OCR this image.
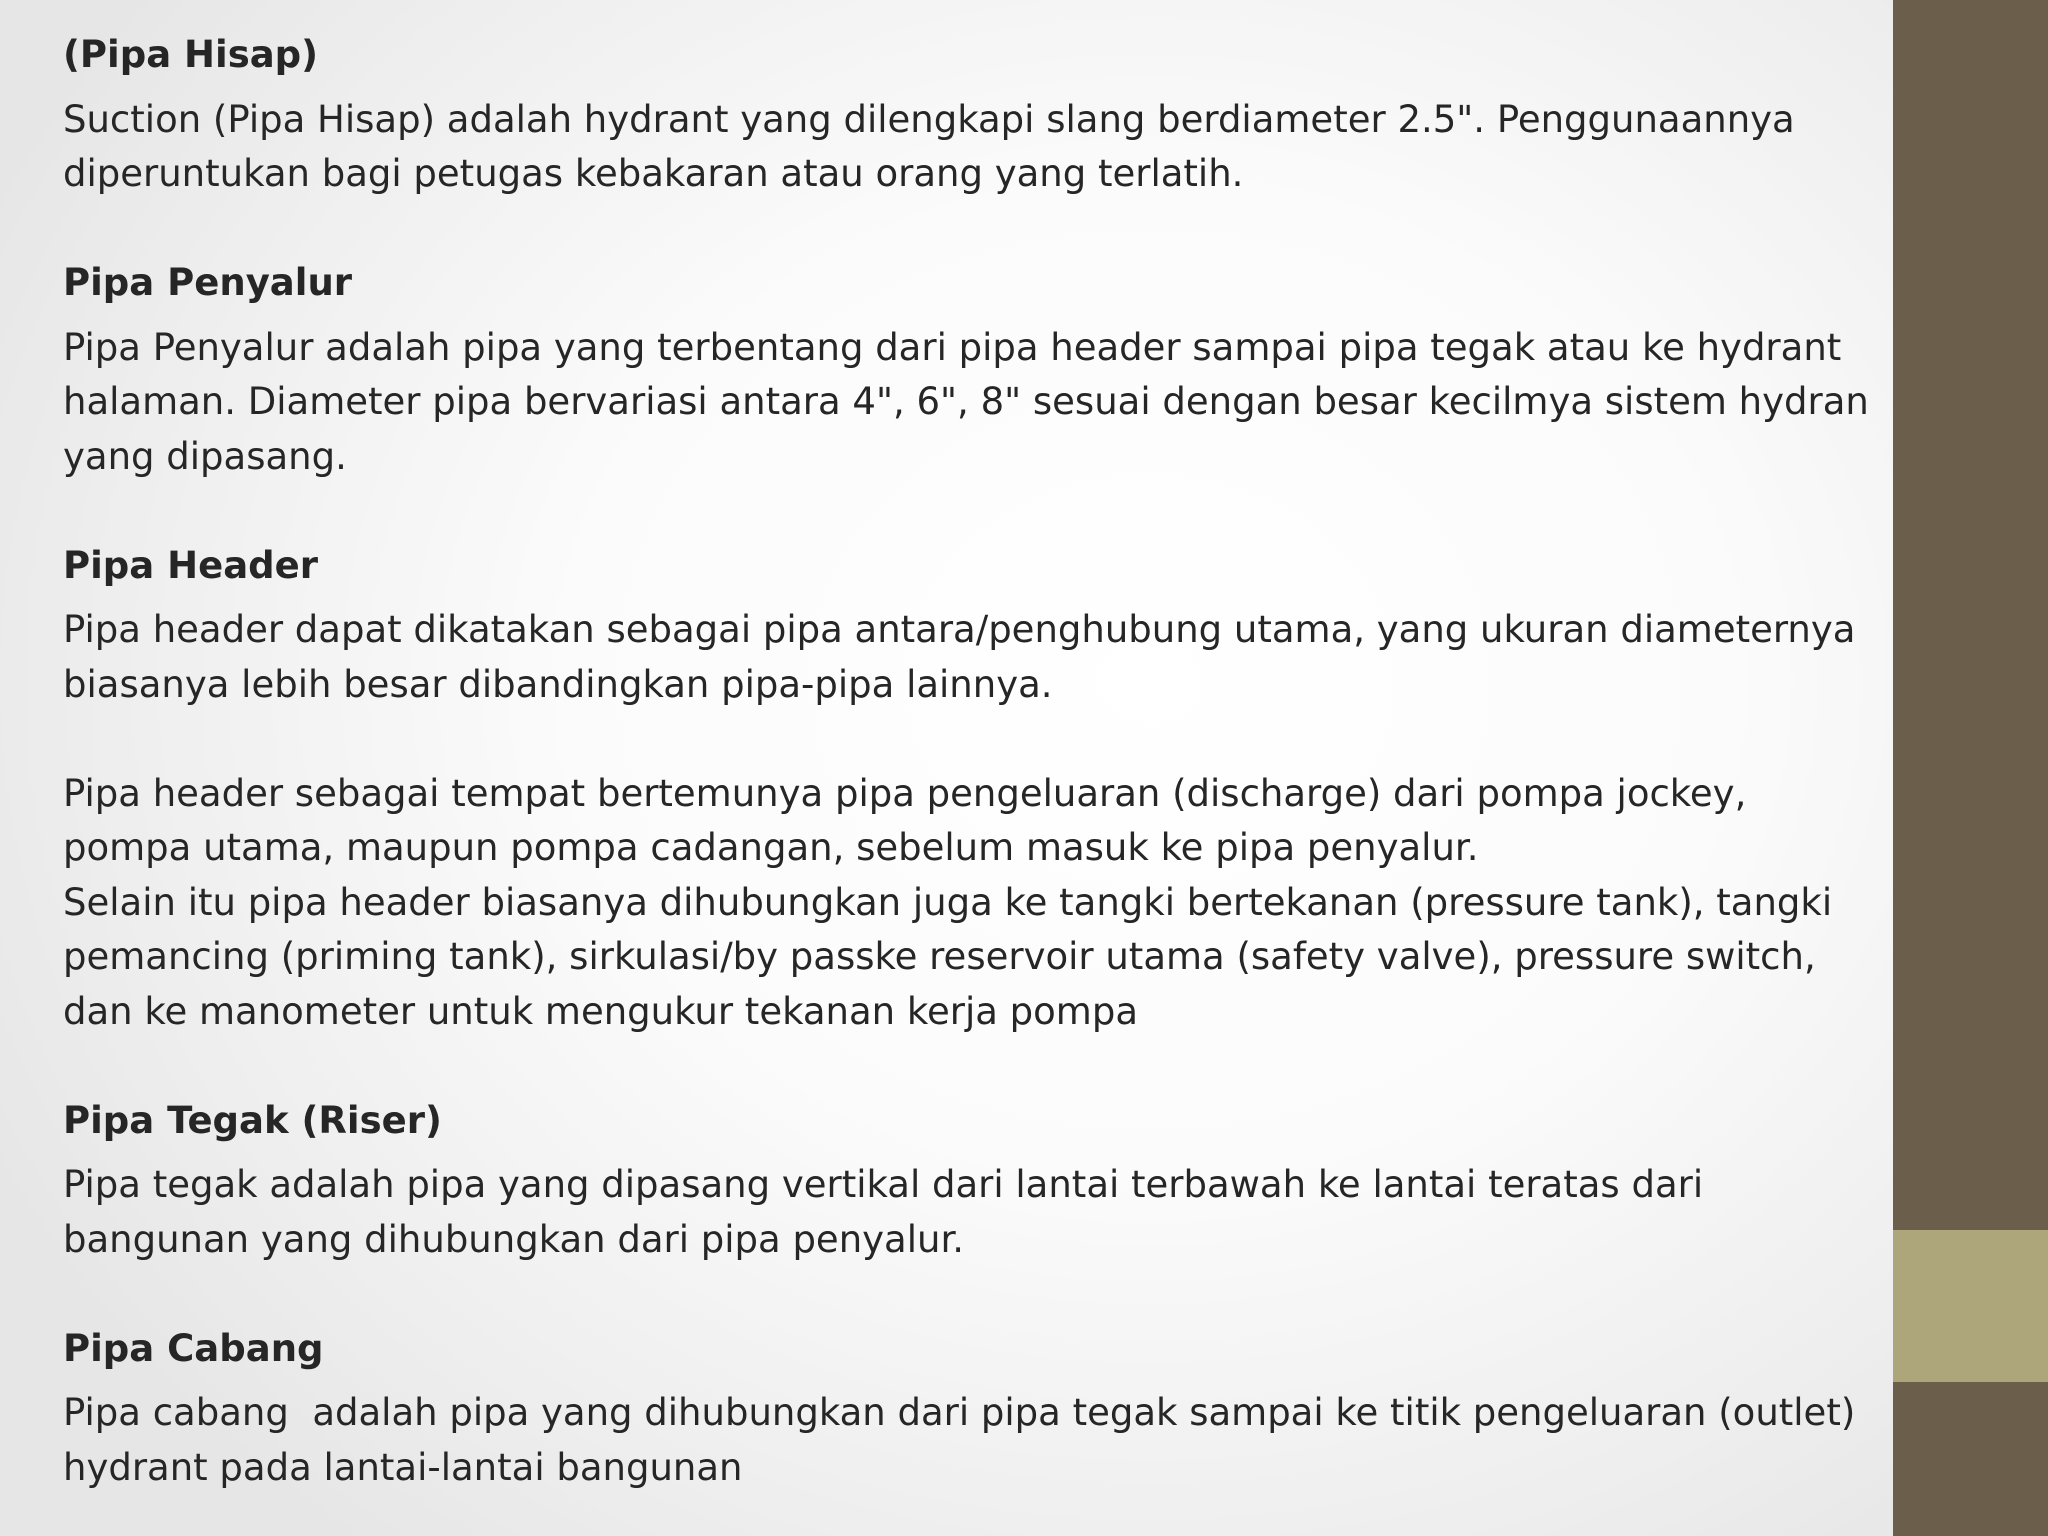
(Pipa Hisap)
Suction (Pipa Hisap) adalah hydrant yang dilengkapi slang berdiameter 2.5". Penggunaannya
diperuntukan bagi petugas kebakaran atau orang yang terlatih.
Pipa Penyalur
Pipa Penyalur adalah pipa yang terbentang dari pipa header sampai pipa tegak atau ke hydrant
halaman. Diameter pipa bervariasi antara 4", 6", 8" sesuai dengan besar kecilmya sistem hydran
yang dipasang.
Pipa Header
Pipa header dapat dikatakan sebagai pipa antara/penghubung utama, yang ukuran diameternya
biasanya lebih besar dibandingkan pipa-pipa lainnya.
Pipa header sebagai tempat bertemunya pipa pengeluaran (discharge) dari pompa jockey,
pompa utama, maupun pompa cadangan, sebelum masuk ke pipa penyalur.
Selain itu pipa header biasanya dihubungkan juga ke tangki bertekanan (pressure tank), tangki
pemancing (priming tank), sirkulasi/by passke reservoir utama (safety valve), pressure switch,
dan ke manometer untuk mengukur tekanan kerja pompa
Pipa Tegak (Riser)
Pipa tegak adalah pipa yang dipasang vertikal dari lantai terbawah ke lantai teratas dari
bangunan yang dihubungkan dari pipa penyalur.
Pipa Cabang
Pipa cabang  adalah pipa yang dihubungkan dari pipa tegak sampai ke titik pengeluaran (outlet)
hydrant pada lantai-lantai bangunan
